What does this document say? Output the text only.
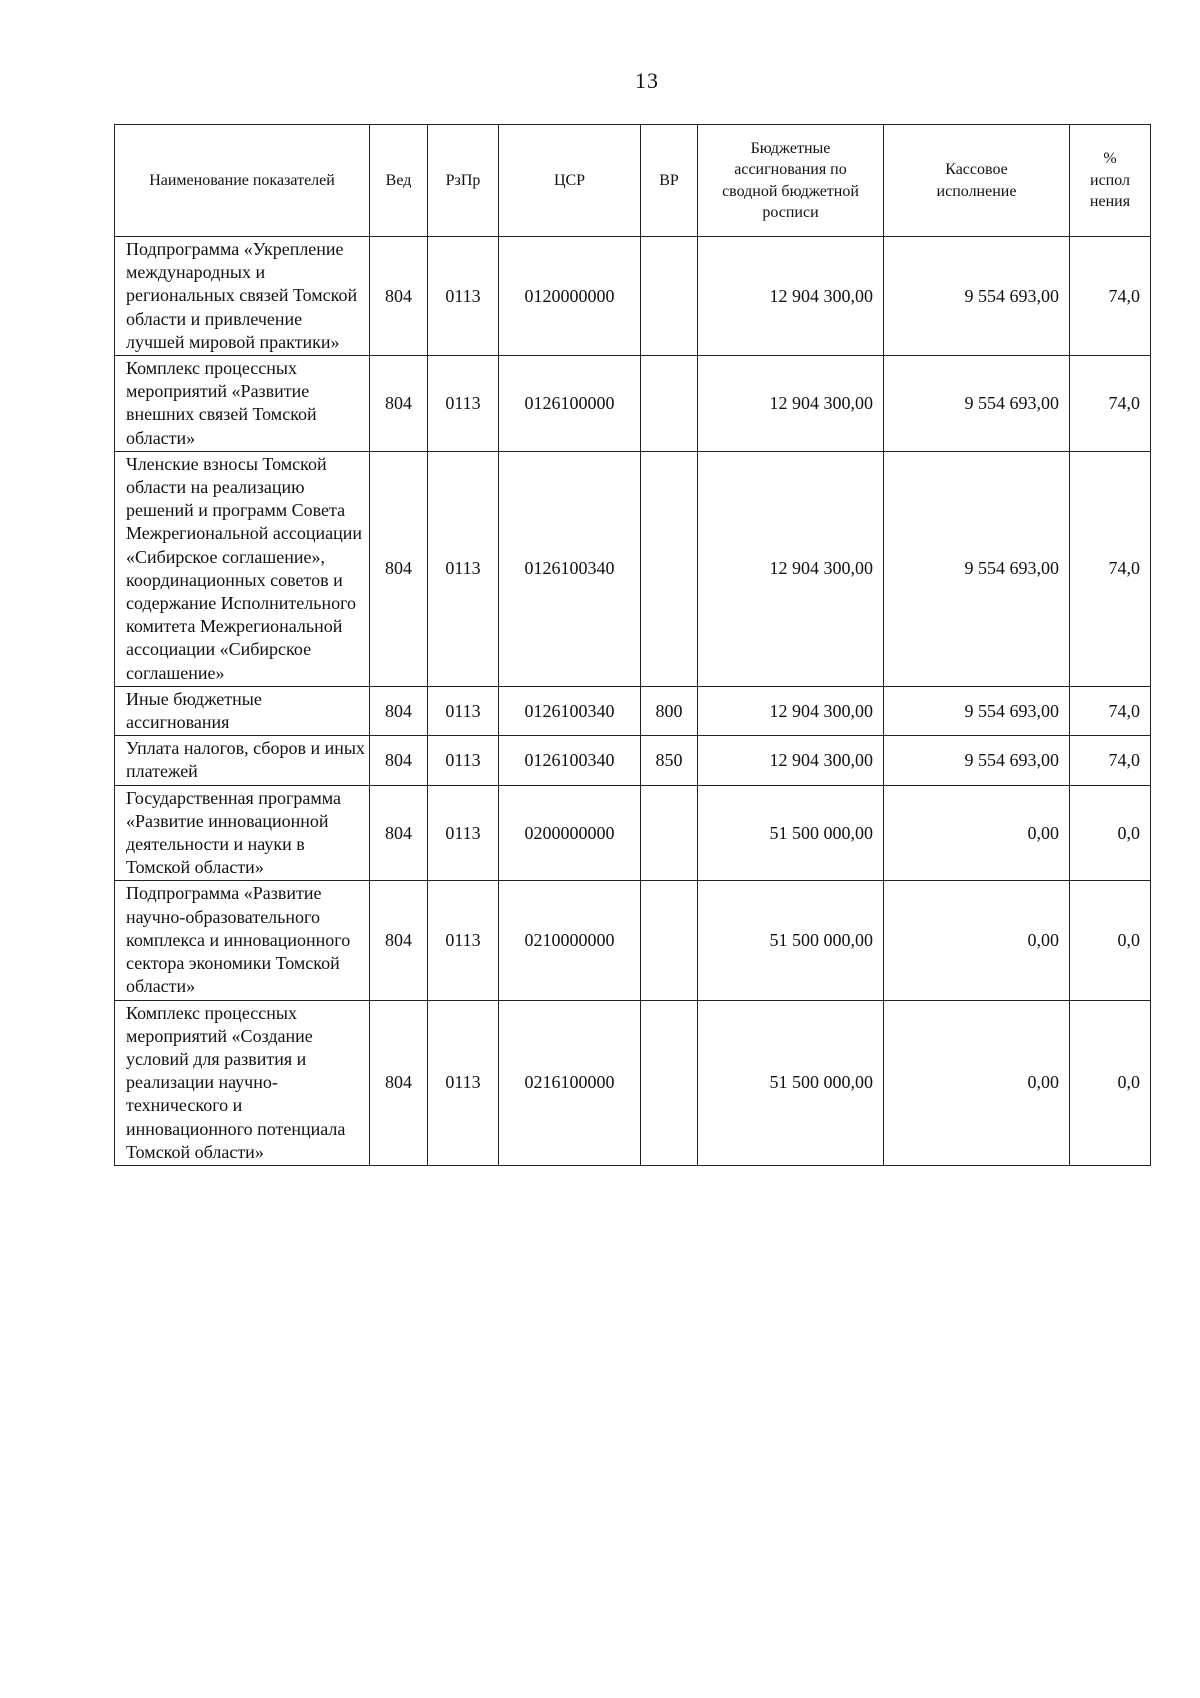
13
Наименование показателей	Вед	РзПр	ЦСР	ВР	Бюджетные ассигнования по сводной бюджетной росписи	Кассовое исполнение	% испол нения
Подпрограмма «Укрепление международных и региональных связей Томской области и привлечение лучшей мировой практики»	804	0113	0120000000		12 904 300,00	9 554 693,00	74,0
Комплекс процессных мероприятий «Развитие внешних связей Томской области»	804	0113	0126100000		12 904 300,00	9 554 693,00	74,0
Членские взносы Томской области на реализацию решений и программ Совета Межрегиональной ассоциации «Сибирское соглашение», координационных советов и содержание Исполнительного комитета Межрегиональной ассоциации «Сибирское соглашение»	804	0113	0126100340		12 904 300,00	9 554 693,00	74,0
Иные бюджетные ассигнования	804	0113	0126100340	800	12 904 300,00	9 554 693,00	74,0
Уплата налогов, сборов и иных платежей	804	0113	0126100340	850	12 904 300,00	9 554 693,00	74,0
Государственная программа «Развитие инновационной деятельности и науки в Томской области»	804	0113	0200000000		51 500 000,00	0,00	0,0
Подпрограмма «Развитие научно-образовательного комплекса и инновационного сектора экономики Томской области»	804	0113	0210000000		51 500 000,00	0,00	0,0
Комплекс процессных мероприятий «Создание условий для развития и реализации научно-технического и инновационного потенциала Томской области»	804	0113	0216100000		51 500 000,00	0,00	0,0
